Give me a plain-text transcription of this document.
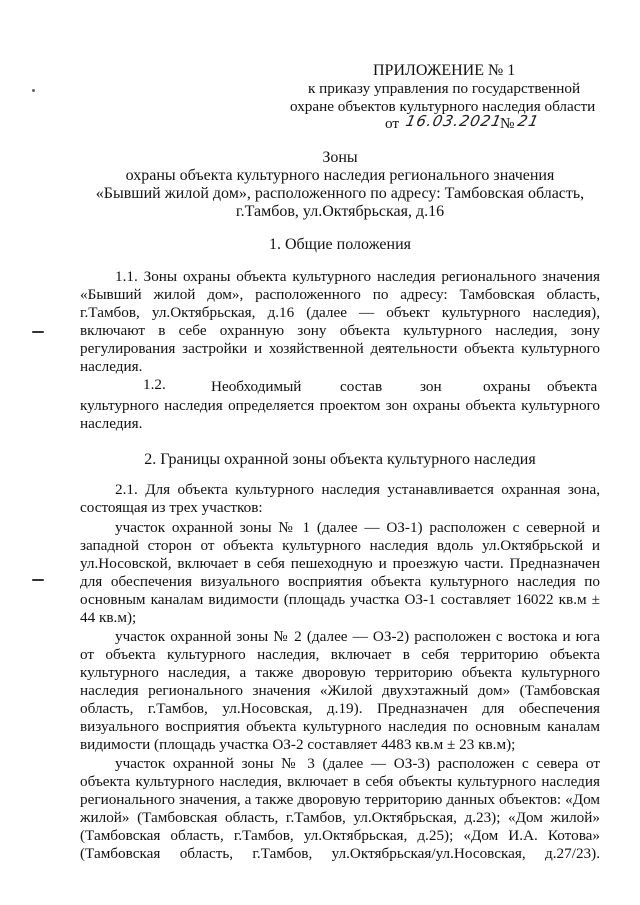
ПРИЛОЖЕНИЕ № 1
к приказу управления по государственной
охране объектов культурного наследия области
от 16.03.2021
№ 21
Зоны
охраны объекта культурного наследия регионального значения
«Бывший жилой дом», расположенного по адресу: Тамбовская область,
г.Тамбов, ул.Октябрьская, д.16
1. Общие положения
1.1. Зоны охраны объекта культурного наследия регионального значения
«Бывший жилой дом», расположенного по адресу: Тамбовская область,
г.Тамбов, ул.Октябрьская, д.16 (далее — объект культурного наследия),
включают в себе охранную зону объекта культурного наследия, зону
регулирования застройки и хозяйственной деятельности объекта культурного
наследия.
1.2.	Необходимый	состав зон	охраны объекта
культурного наследия определяется проектом зон охраны объекта культурного
наследия.
2. Границы охранной зоны объекта культурного наследия
2.1. Для объекта культурного наследия устанавливается охранная зона,
состоящая из трех участков:
участок охранной зоны № 1 (далее — ОЗ-1) расположен с северной и
западной сторон от объекта культурного наследия вдоль ул.Октябрьской и
ул.Носовской, включает в себя пешеходную и проезжую части. Предназначен
для обеспечения визуального восприятия объекта культурного наследия по
основным каналам видимости (площадь участка ОЗ-1 составляет 16022 кв.м ±
44 кв.м);
участок охранной зоны № 2 (далее — ОЗ-2) расположен с востока и юга
от объекта культурного наследия, включает в себя территорию объекта
культурного наследия, а также дворовую территорию объекта культурного
наследия регионального значения «Жилой двухэтажный дом» (Тамбовская
область, г.Тамбов, ул.Носовская, д.19). Предназначен для обеспечения
визуального восприятия объекта культурного наследия по основным каналам
видимости (площадь участка ОЗ-2 составляет 4483 кв.м ± 23 кв.м);
участок охранной зоны № 3 (далее — ОЗ-3) расположен с севера от
объекта культурного наследия, включает в себя объекты культурного наследия
регионального значения, а также дворовую территорию данных объектов: «Дом
жилой» (Тамбовская область, г.Тамбов, ул.Октябрьская, д.23); «Дом жилой»
(Тамбовская область, г.Тамбов, ул.Октябрьская, д.25); «Дом И.А. Котова»
(Тамбовская область, г.Тамбов, ул.Октябрьская/ул.Носовская, д.27/23).
